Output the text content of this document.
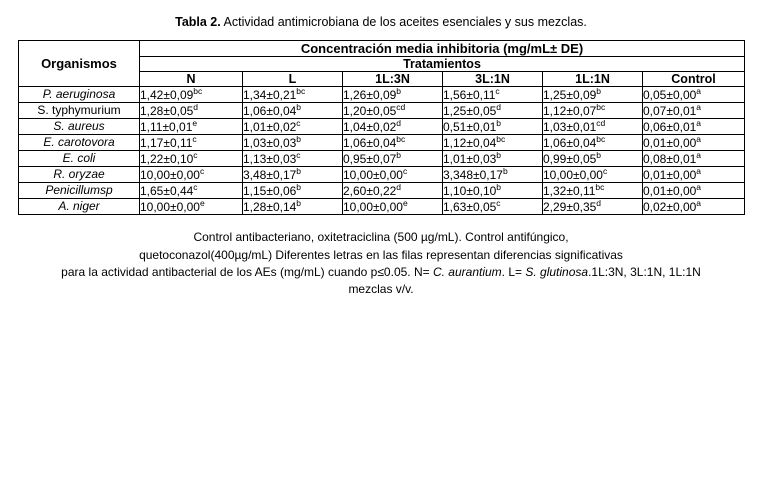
Tabla 2. Actividad antimicrobiana de los aceites esenciales y sus mezclas.
Organismos	Concentración media inhibitoria (mg/mL± DE)					
	Tratamientos					
	N	L	1L:3N	3L:1N	1L:1N	Control
P. aeruginosa	1,42±0,09$^{bc}$	1,34±0,21$^{bc}$	1,26±0,09$^b$	1,56±0,11$^c$	1,25±0,09$^b$	0,05±0,00$^a$
S. typhymurium	1,28±0,05$^d$	1,06±0,04$^b$	1,20±0,05$^{cd}$	1,25±0,05$^d$	1,12±0,07$^{bc}$	0,07±0,01$^a$
S. aureus	1,11±0,01$^e$	1,01±0,02$^c$	1,04±0,02$^d$	0,51±0,01$^b$	1,03±0,01$^{cd}$	0,06±0,01$^a$
E. carotovora	1,17±0,11$^c$	1,03±0,03$^b$	1,06±0,04$^{bc}$	1,12±0,04$^{bc}$	1,06±0,04$^{bc}$	0,01±0,00$^a$
E. coli	1,22±0,10$^c$	1,13±0,03$^c$	0,95±0,07$^b$	1,01±0,03$^b$	0,99±0,05$^b$	0,08±0,01$^a$
R. oryzae	10,00±0,00$^c$	3,48±0,17$^b$	10,00±0,00$^c$	3,348±0,17$^b$	10,00±0,00$^c$	0,01±0,00$^a$
Penicillumsp	1,65±0,44$^c$	1,15±0,06$^b$	2,60±0,22$^d$	1,10±0,10$^b$	1,32±0,11$^{bc}$	0,01±0,00$^a$
A. niger	10,00±0,00$^e$	1,28±0,14$^b$	10,00±0,00$^e$	1,63±0,05$^c$	2,29±0,35$^d$	0,02±0,00$^a$
Control antibacteriano, oxitetraciclina (500 µg/mL). Control antifúngico,
quetoconazol(400µg/mL) Diferentes letras en las filas representan diferencias significativas
para la actividad antibacterial de los AEs (mg/mL) cuando p≤0.05. N= C. aurantium. L= S. glutinosa.1L:3N, 3L:1N, 1L:1N mezclas v/v.
